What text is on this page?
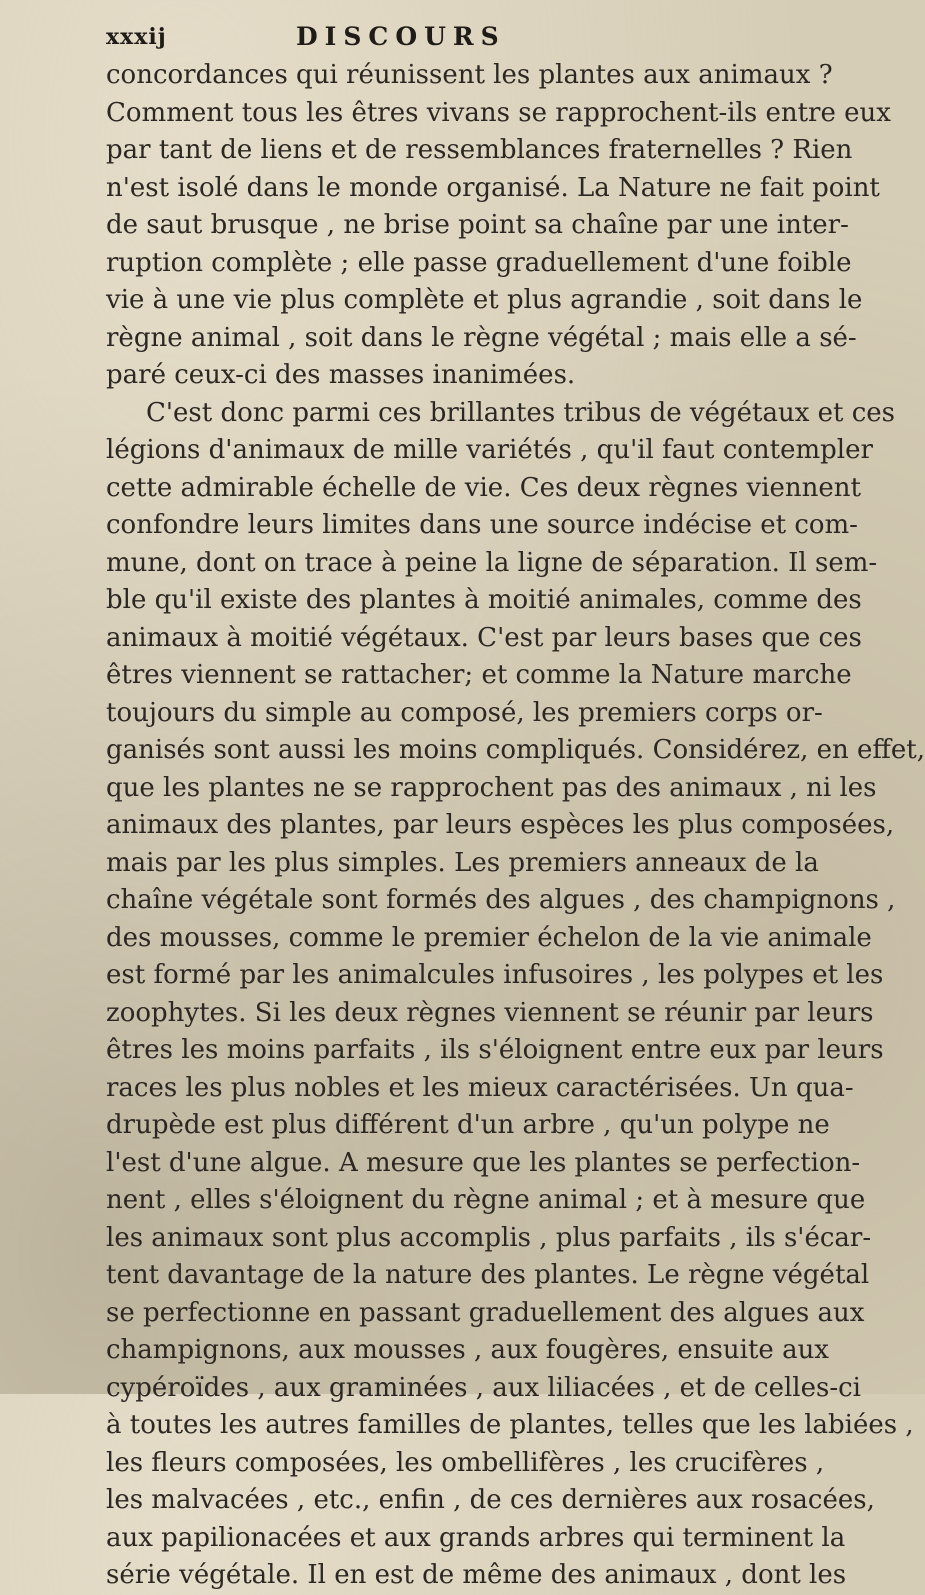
xxxij	DISCOURS
concordances qui réunissent les plantes aux animaux ?
Comment tous les êtres vivans se rapprochent-ils entre eux
par tant de liens et de ressemblances fraternelles ? Rien
n'est isolé dans le monde organisé. La Nature ne fait point
de saut brusque , ne brise point sa chaîne par une inter-
ruption complète ; elle passe graduellement d'une foible
vie à une vie plus complète et plus agrandie , soit dans le
règne animal , soit dans le règne végétal ; mais elle a sé-
paré ceux-ci des masses inanimées.
C'est donc parmi ces brillantes tribus de végétaux et ces
légions d'animaux de mille variétés , qu'il faut contempler
cette admirable échelle de vie. Ces deux règnes viennent
confondre leurs limites dans une source indécise et com-
mune, dont on trace à peine la ligne de séparation. Il sem-
ble qu'il existe des plantes à moitié animales, comme des
animaux à moitié végétaux. C'est par leurs bases que ces
êtres viennent se rattacher; et comme la Nature marche
toujours du simple au composé, les premiers corps or-
ganisés sont aussi les moins compliqués. Considérez, en effet,
que les plantes ne se rapprochent pas des animaux , ni les
animaux des plantes, par leurs espèces les plus composées,
mais par les plus simples. Les premiers anneaux de la
chaîne végétale sont formés des algues , des champignons ,
des mousses, comme le premier échelon de la vie animale
est formé par les animalcules infusoires , les polypes et les
zoophytes. Si les deux règnes viennent se réunir par leurs
êtres les moins parfaits , ils s'éloignent entre eux par leurs
races les plus nobles et les mieux caractérisées. Un qua-
drupède est plus différent d'un arbre , qu'un polype ne
l'est d'une algue. A mesure que les plantes se perfection-
nent , elles s'éloignent du règne animal ; et à mesure que
les animaux sont plus accomplis , plus parfaits , ils s'écar-
tent davantage de la nature des plantes. Le règne végétal
se perfectionne en passant graduellement des algues aux
champignons, aux mousses , aux fougères, ensuite aux
cypéroïdes , aux graminées , aux liliacées , et de celles-ci
à toutes les autres familles de plantes, telles que les labiées ,
les fleurs composées, les ombellifères , les crucifères ,
les malvacées , etc., enfin , de ces dernières aux rosacées,
aux papilionacées et aux grands arbres qui terminent la
série végétale. Il en est de même des animaux , dont les
